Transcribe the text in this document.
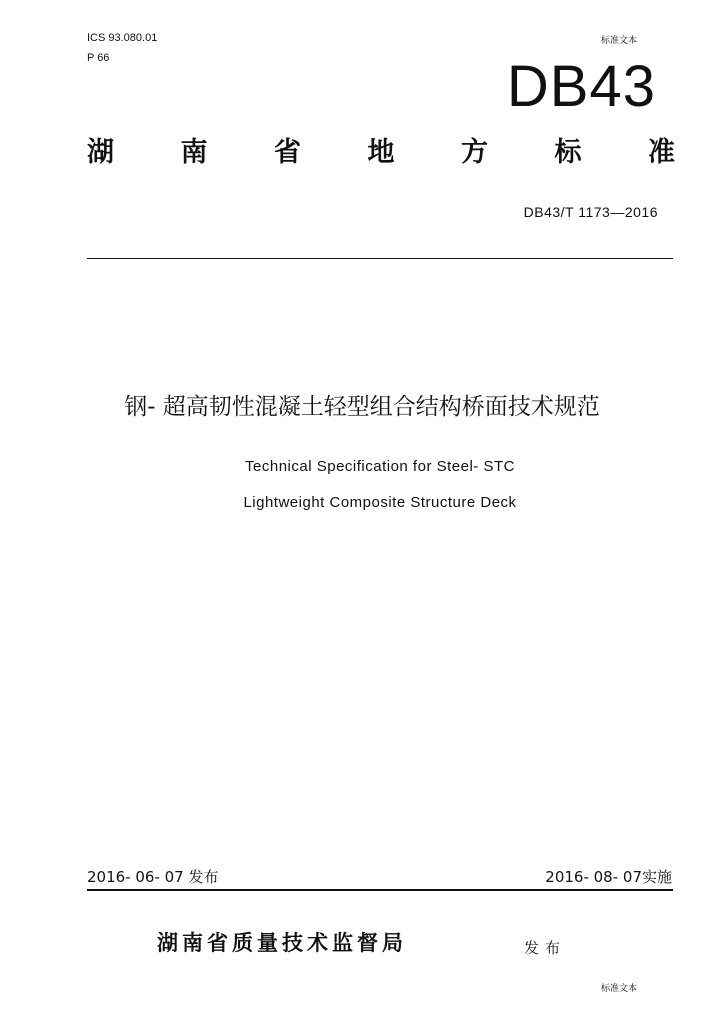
ICS 93.080.01
P 66
标准文本
DB43
湖 南 省 地 方 标 准
DB43/T 1173—2016
钢- 超高韧性混凝土轻型组合结构桥面技术规范
Technical Specification for Steel- STC
Lightweight Composite Structure Deck
2016- 06- 07 发布	2016- 08- 07实施
湖南省质量技术监督局	发布
标准文本
